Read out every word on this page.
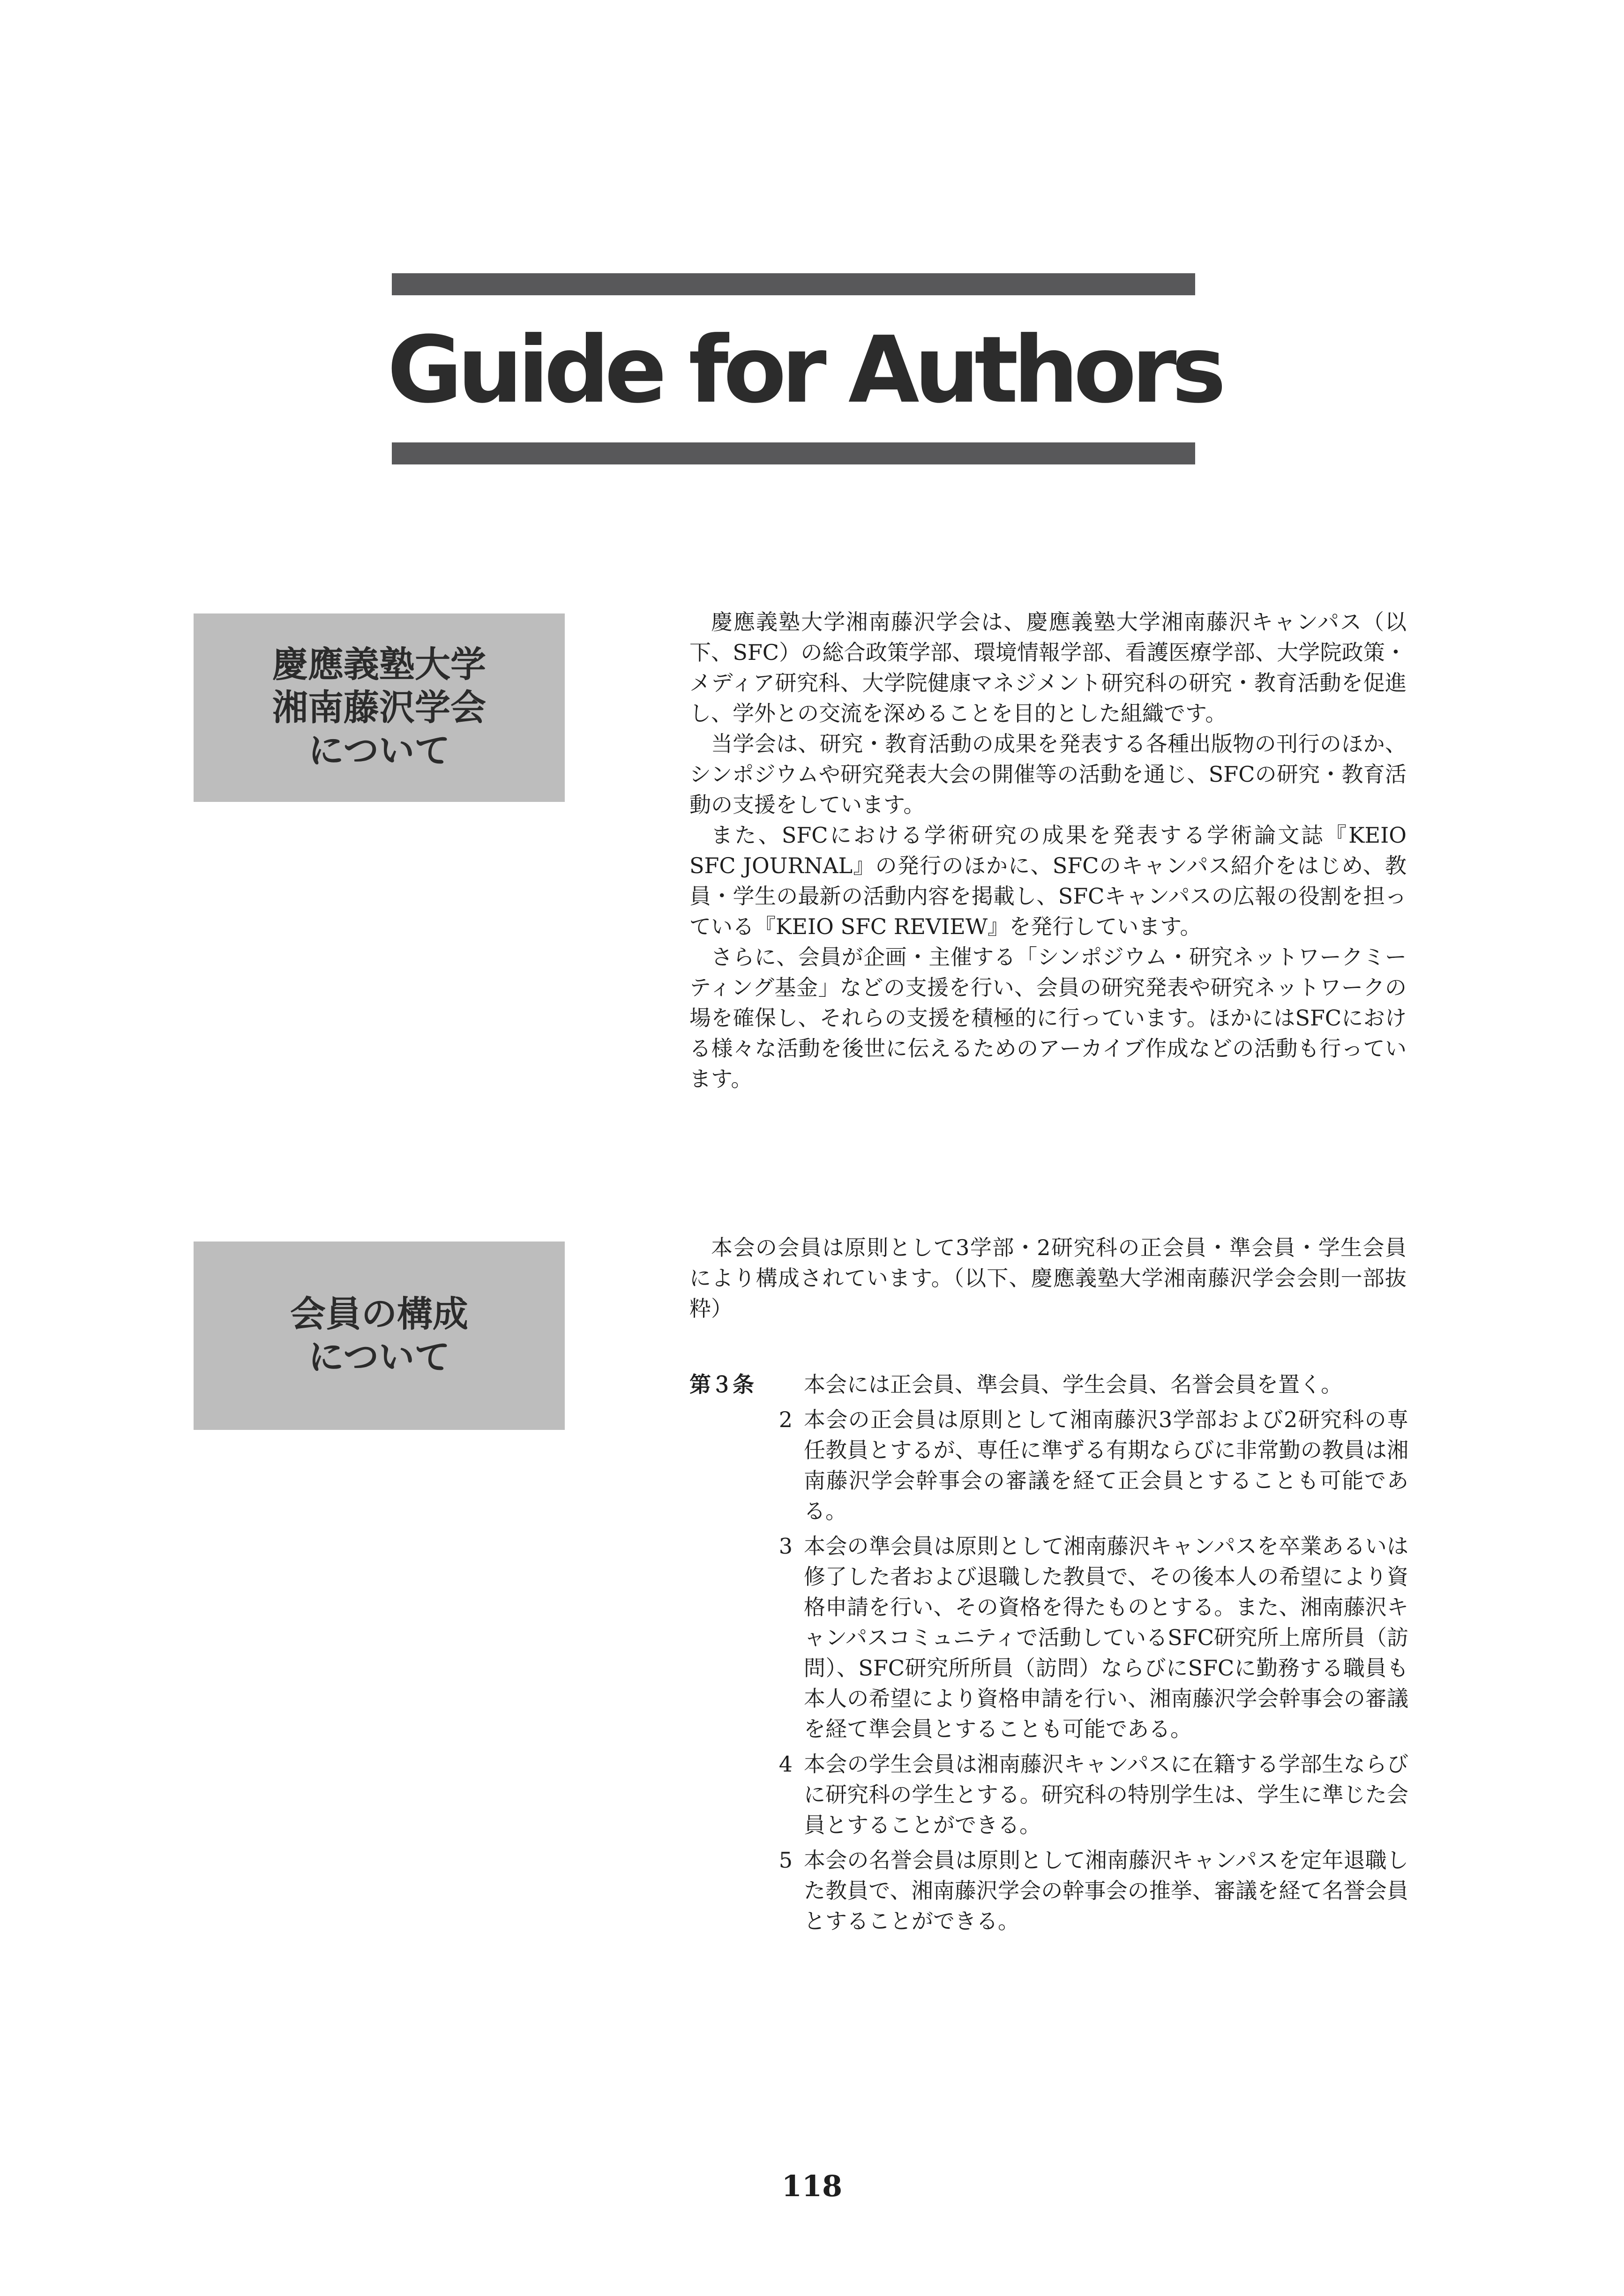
Guide for Authors

慶應義塾大学
湘南藤沢学会
について

慶應義塾大学湘南藤沢学会は、慶應義塾大学湘南藤沢キャンパス（以下、SFC）の総合政策学部、環境情報学部、看護医療学部、大学院政策・メディア研究科、大学院健康マネジメント研究科の研究・教育活動を促進し、学外との交流を深めることを目的とした組織です。

当学会は、研究・教育活動の成果を発表する各種出版物の刊行のほか、シンポジウムや研究発表大会の開催等の活動を通じ、SFCの研究・教育活動の支援をしています。

また、SFCにおける学術研究の成果を発表する学術論文誌『KEIO SFC JOURNAL』の発行のほかに、SFCのキャンパス紹介をはじめ、教員・学生の最新の活動内容を掲載し、SFCキャンパスの広報の役割を担っている『KEIO SFC REVIEW』を発行しています。

さらに、会員が企画・主催する「シンポジウム・研究ネットワークミーティング基金」などの支援を行い、会員の研究発表や研究ネットワークの場を確保し、それらの支援を積極的に行っています。ほかにはSFCにおける様々な活動を後世に伝えるためのアーカイブ作成などの活動も行っています。

会員の構成
について

本会の会員は原則として3学部・2研究科の正会員・準会員・学生会員により構成されています。（以下、慶應義塾大学湘南藤沢学会会則一部抜粋）

第３条 本会には正会員、準会員、学生会員、名誉会員を置く。
2 本会の正会員は原則として湘南藤沢3学部および2研究科の専任教員とするが、専任に準ずる有期ならびに非常勤の教員は湘南藤沢学会幹事会の審議を経て正会員とすることも可能である。
3 本会の準会員は原則として湘南藤沢キャンパスを卒業あるいは修了した者および退職した教員で、その後本人の希望により資格申請を行い、その資格を得たものとする。また、湘南藤沢キャンパスコミュニティで活動しているSFC研究所上席所員（訪問）、SFC研究所所員（訪問）ならびにSFCに勤務する職員も本人の希望により資格申請を行い、湘南藤沢学会幹事会の審議を経て準会員とすることも可能である。
4 本会の学生会員は湘南藤沢キャンパスに在籍する学部生ならびに研究科の学生とする。研究科の特別学生は、学生に準じた会員とすることができる。
5 本会の名誉会員は原則として湘南藤沢キャンパスを定年退職した教員で、湘南藤沢学会の幹事会の推挙、審議を経て名誉会員とすることができる。
118
